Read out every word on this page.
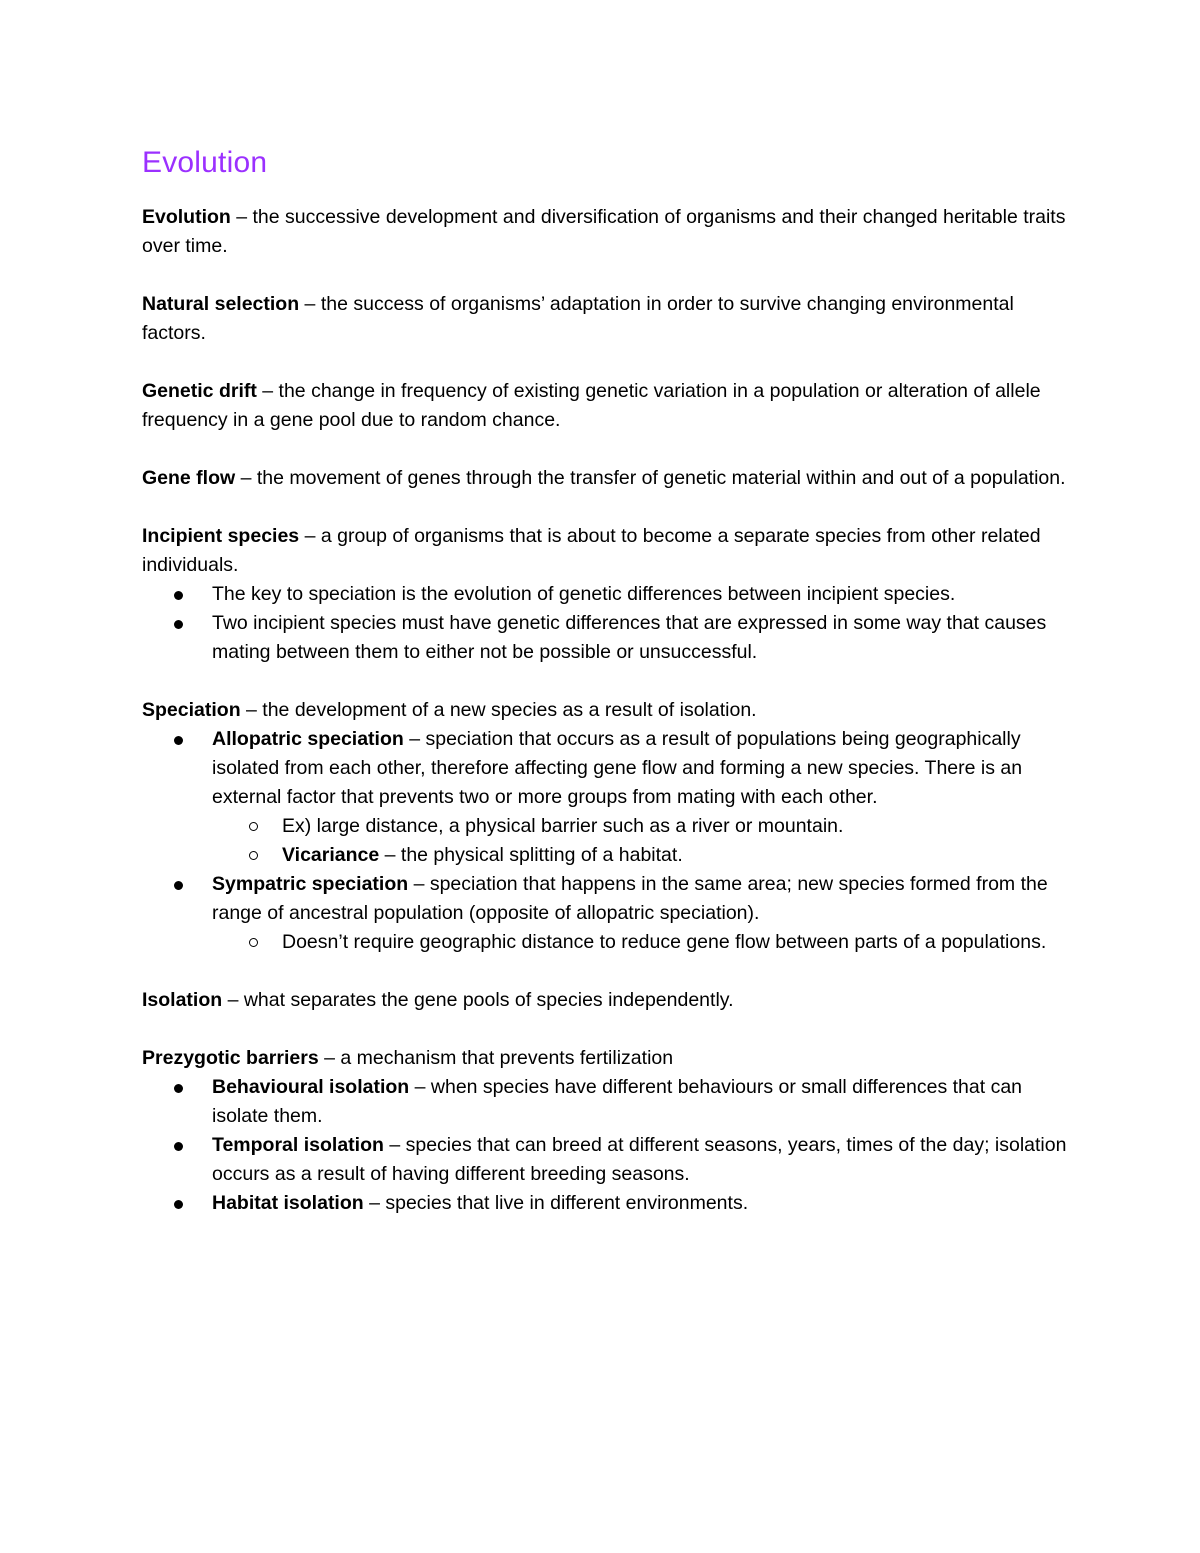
Evolution

Evolution – the successive development and diversification of organisms and their changed heritable traits over time.

Natural selection – the success of organisms’ adaptation in order to survive changing environmental factors.

Genetic drift – the change in frequency of existing genetic variation in a population or alteration of allele frequency in a gene pool due to random chance.

Gene flow – the movement of genes through the transfer of genetic material within and out of a population.

Incipient species – a group of organisms that is about to become a separate species from other related individuals.

The key to speciation is the evolution of genetic differences between incipient species.
Two incipient species must have genetic differences that are expressed in some way that causes mating between them to either not be possible or unsuccessful.

Speciation – the development of a new species as a result of isolation.

Allopatric speciation – speciation that occurs as a result of populations being geographically isolated from each other, therefore affecting gene flow and forming a new species. There is an external factor that prevents two or more groups from mating with each other.
Ex) large distance, a physical barrier such as a river or mountain.
Vicariance – the physical splitting of a habitat.
Sympatric speciation – speciation that happens in the same area; new species formed from the range of ancestral population (opposite of allopatric speciation).
Doesn’t require geographic distance to reduce gene flow between parts of a populations.

Isolation – what separates the gene pools of species independently.

Prezygotic barriers – a mechanism that prevents fertilization

Behavioural isolation – when species have different behaviours or small differences that can isolate them.
Temporal isolation – species that can breed at different seasons, years, times of the day; isolation occurs as a result of having different breeding seasons.
Habitat isolation – species that live in different environments.
